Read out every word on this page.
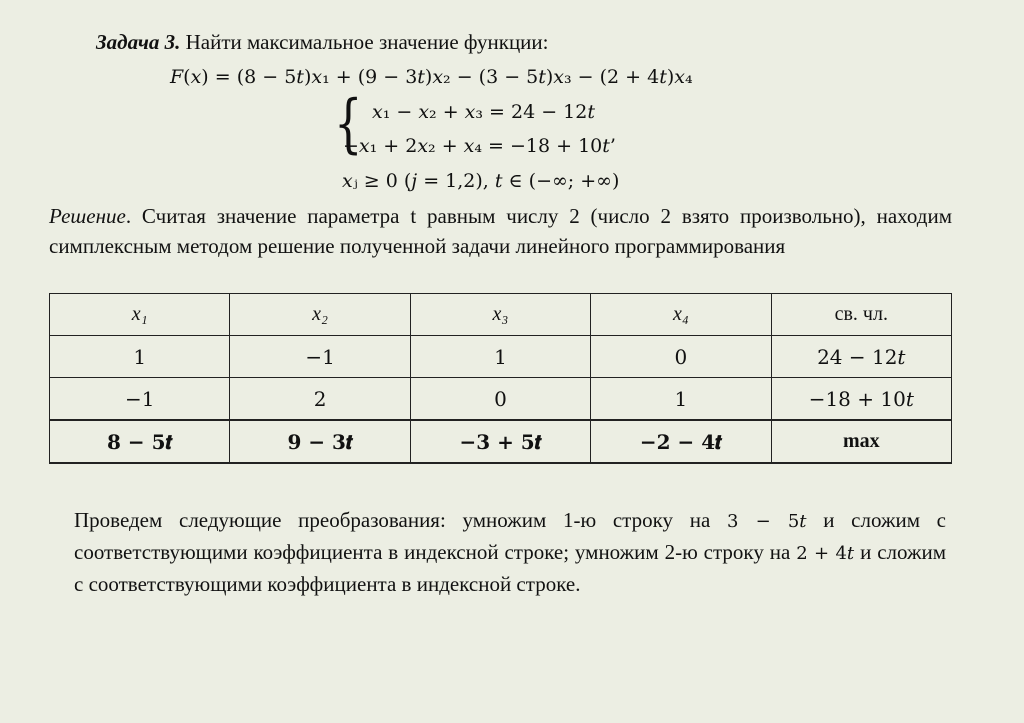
Задача 3. Найти максимальное значение функции:
𝐹(𝑥) = (8 − 5𝑡)𝑥₁ + (9 − 3𝑡)𝑥₂ − (3 − 5𝑡)𝑥₃ − (2 + 4𝑡)𝑥₄
{ 𝑥₁ − 𝑥₂ + 𝑥₃ = 24 − 12𝑡
−𝑥₁ + 2𝑥₂ + 𝑥₄ = −18 + 10𝑡’
𝑥ⱼ ≥ 0 (𝑗 = 1,2), 𝑡 ∈ (−∞; +∞)
Решение. Считая значение параметра t равным числу 2 (число 2 взято произвольно), находим симплексным методом решение полученной задачи линейного программирования
x₁	x₂	x₃	x₄	св. чл.
1	−1	1	0	24 − 12𝑡
−1	2	0	1	−18 + 10𝑡
8 − 5𝒕	9 − 3𝒕	−3 + 5𝒕	−2 − 4𝒕	max
Проведем следующие преобразования: умножим 1-ю строку на 3 − 5𝑡 и сложим с соответствующими коэффициента в индексной строке; умножим 2-ю строку на 2 + 4𝑡 и сложим с соответствующими коэффициента в индексной строке.
